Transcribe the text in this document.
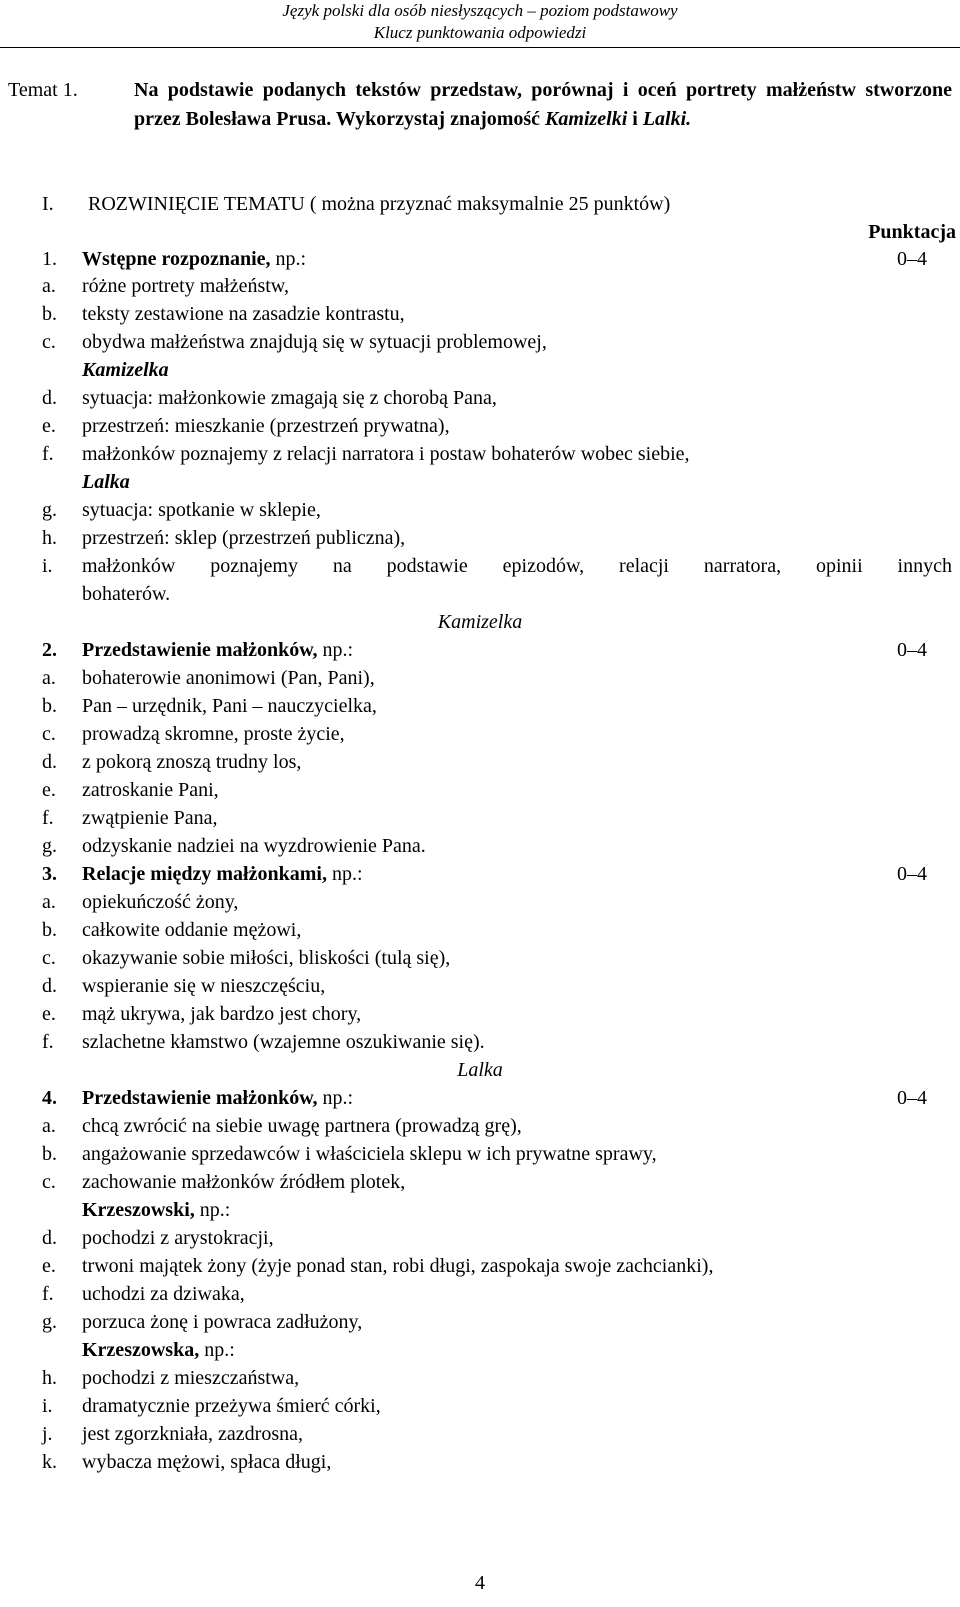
Język polski dla osób niesłyszących – poziom podstawowy
Klucz punktowania odpowiedzi
Temat 1.	Na podstawie podanych tekstów przedstaw, porównaj i oceń portrety małżeństw stworzone przez Bolesława Prusa. Wykorzystaj znajomość Kamizelki i Lalki.
I. ROZWINIĘCIE TEMATU ( można przyznać maksymalnie 25 punktów)
Punktacja
1. Wstępne rozpoznanie, np.:	0–4
a. różne portrety małżeństw,
b. teksty zestawione na zasadzie kontrastu,
c. obydwa małżeństwa znajdują się w sytuacji problemowej,
Kamizelka
d. sytuacja: małżonkowie zmagają się z chorobą Pana,
e. przestrzeń: mieszkanie (przestrzeń prywatna),
f. małżonków poznajemy z relacji narratora i postaw bohaterów wobec siebie,
Lalka
g. sytuacja: spotkanie w sklepie,
h. przestrzeń: sklep (przestrzeń publiczna),
i. małżonków poznajemy na podstawie epizodów, relacji narratora, opinii innych
bohaterów.
Kamizelka
2. Przedstawienie małżonków, np.:	0–4
a. bohaterowie anonimowi (Pan, Pani),
b. Pan – urzędnik, Pani – nauczycielka,
c. prowadzą skromne, proste życie,
d. z pokorą znoszą trudny los,
e. zatroskanie Pani,
f. zwątpienie Pana,
g. odzyskanie nadziei na wyzdrowienie Pana.
3. Relacje między małżonkami, np.:	0–4
a. opiekuńczość żony,
b. całkowite oddanie mężowi,
c. okazywanie sobie miłości, bliskości (tulą się),
d. wspieranie się w nieszczęściu,
e. mąż ukrywa, jak bardzo jest chory,
f. szlachetne kłamstwo (wzajemne oszukiwanie się).
Lalka
4. Przedstawienie małżonków, np.:	0–4
a. chcą zwrócić na siebie uwagę partnera (prowadzą grę),
b. angażowanie sprzedawców i właściciela sklepu w ich prywatne sprawy,
c. zachowanie małżonków źródłem plotek,
Krzeszowski, np.:
d. pochodzi z arystokracji,
e. trwoni majątek żony (żyje ponad stan, robi długi, zaspokaja swoje zachcianki),
f. uchodzi za dziwaka,
g. porzuca żonę i powraca zadłużony,
Krzeszowska, np.:
h. pochodzi z mieszczaństwa,
i. dramatycznie przeżywa śmierć córki,
j. jest zgorzkniała, zazdrosna,
k. wybacza mężowi, spłaca długi,
4
